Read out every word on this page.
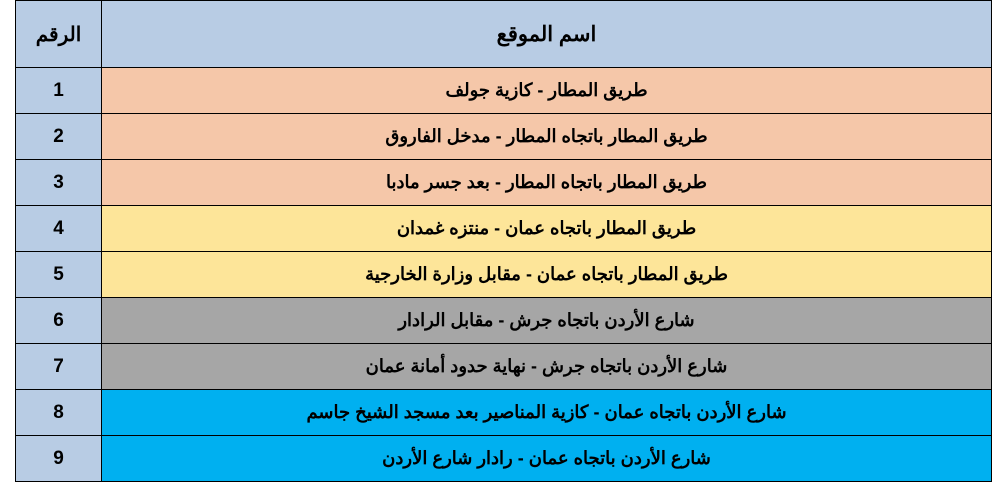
اسم الموقع	الرقم
طريق المطار - كازية جولف	1
طريق المطار باتجاه المطار - مدخل الفاروق	2
طريق المطار باتجاه المطار - بعد جسر مادبا	3
طريق المطار باتجاه عمان - منتزه غمدان	4
طريق المطار باتجاه عمان - مقابل وزارة الخارجية	5
شارع الأردن باتجاه جرش - مقابل الرادار	6
شارع الأردن باتجاه جرش - نهاية حدود أمانة عمان	7
شارع الأردن باتجاه عمان - كازية المناصير بعد مسجد الشيخ جاسم	8
شارع الأردن باتجاه عمان - رادار شارع الأردن	9
